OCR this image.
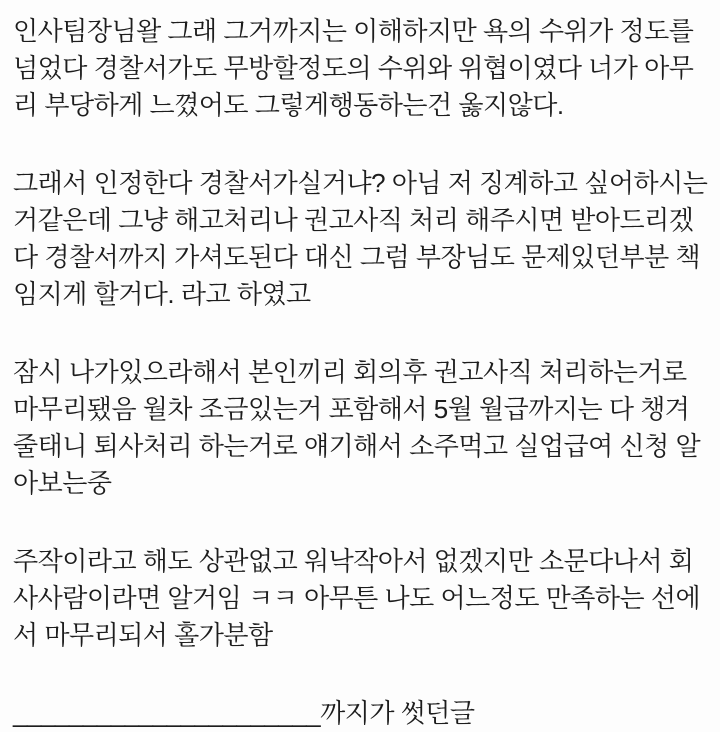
인사팀장님왈 그래 그거까지는 이해하지만 욕의 수위가 정도를 넘었다 경찰서가도 무방할정도의 수위와 위협이였다 너가 아무리 부당하게 느꼈어도 그렇게행동하는건 옳지않다.

그래서 인정한다 경찰서가실거냐? 아님 저 징계하고 싶어하시는거같은데 그냥 해고처리나 권고사직 처리 해주시면 받아드리겠다 경찰서까지 가셔도된다 대신 그럼 부장님도 문제있던부분 책임지게 할거다. 라고 하였고

잠시 나가있으라해서 본인끼리 회의후 권고사직 처리하는거로 마무리됐음 월차 조금있는거 포함해서 5월 월급까지는 다 챙겨줄태니 퇴사처리 하는거로 얘기해서 소주먹고 실업급여 신청 알아보는중

주작이라고 해도 상관없고 워낙작아서 없겠지만 소문다나서 회사사람이라면 알거임 ㅋㅋ 아무튼 나도 어느정도 만족하는 선에서 마무리되서 홀가분함

______________________까지가 썻던글
